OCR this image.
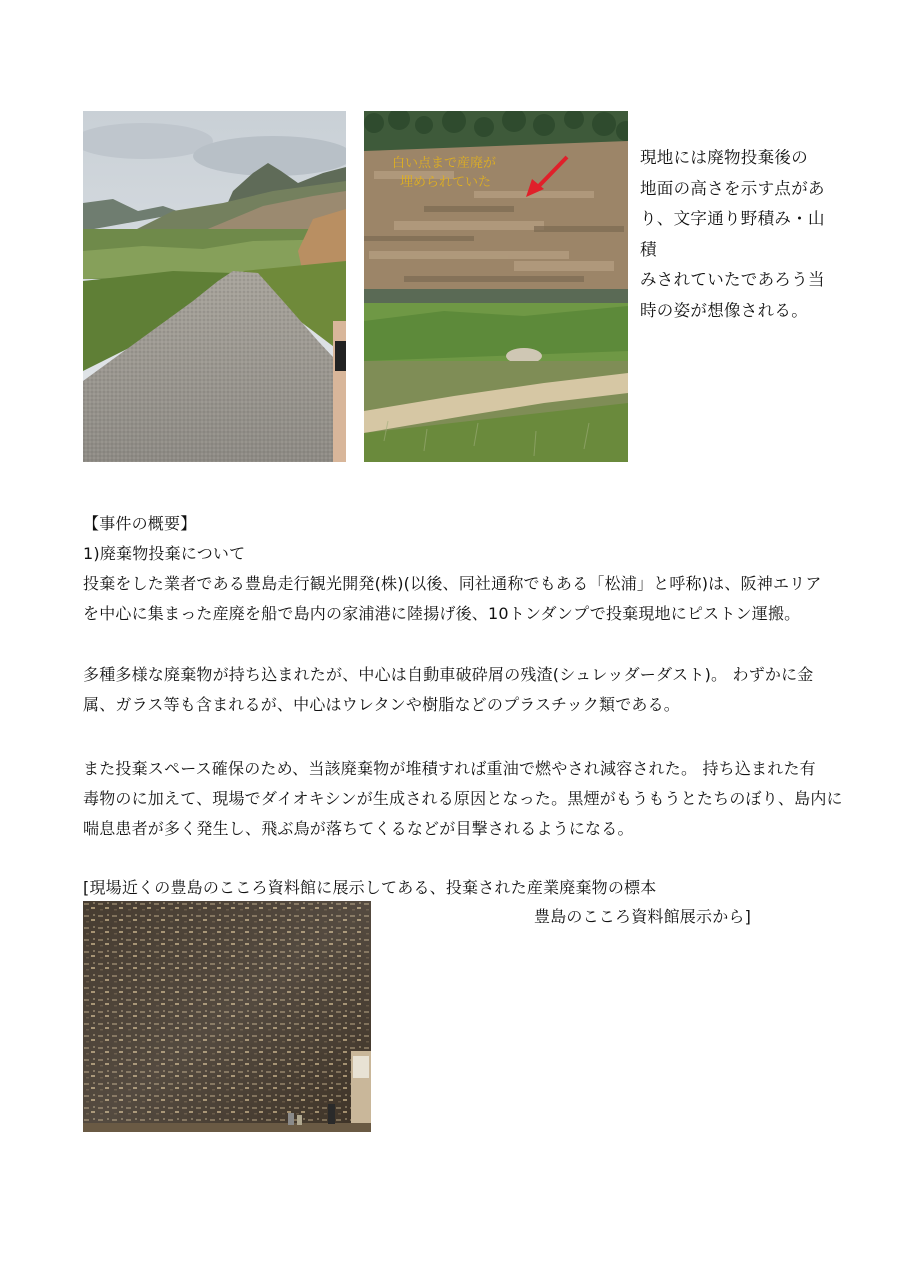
白い点まで産廃が
埋められていた
現地には廃物投棄後の
地面の高さを示す点があ
り、文字通り野積み・山積
みされていたであろう当
時の姿が想像される。
【事件の概要】
1)廃棄物投棄について
投棄をした業者である豊島走行観光開発(株)(以後、同社通称でもある「松浦」と呼称)は、阪神エリア
を中心に集まった産廃を船で島内の家浦港に陸揚げ後、10トンダンプで投棄現地にピストン運搬。
多種多様な廃棄物が持ち込まれたが、中心は自動車破砕屑の残渣(シュレッダーダスト)。 わずかに金
属、ガラス等も含まれるが、中心はウレタンや樹脂などのプラスチック類である。
また投棄スペース確保のため、当該廃棄物が堆積すれば重油で燃やされ減容された。 持ち込まれた有
毒物のに加えて、現場でダイオキシンが生成される原因となった。黒煙がもうもうとたちのぼり、島内に
喘息患者が多く発生し、飛ぶ鳥が落ちてくるなどが目撃されるようになる。
[現場近くの豊島のこころ資料館に展示してある、投棄された産業廃棄物の標本
豊島のこころ資料館展示から]
